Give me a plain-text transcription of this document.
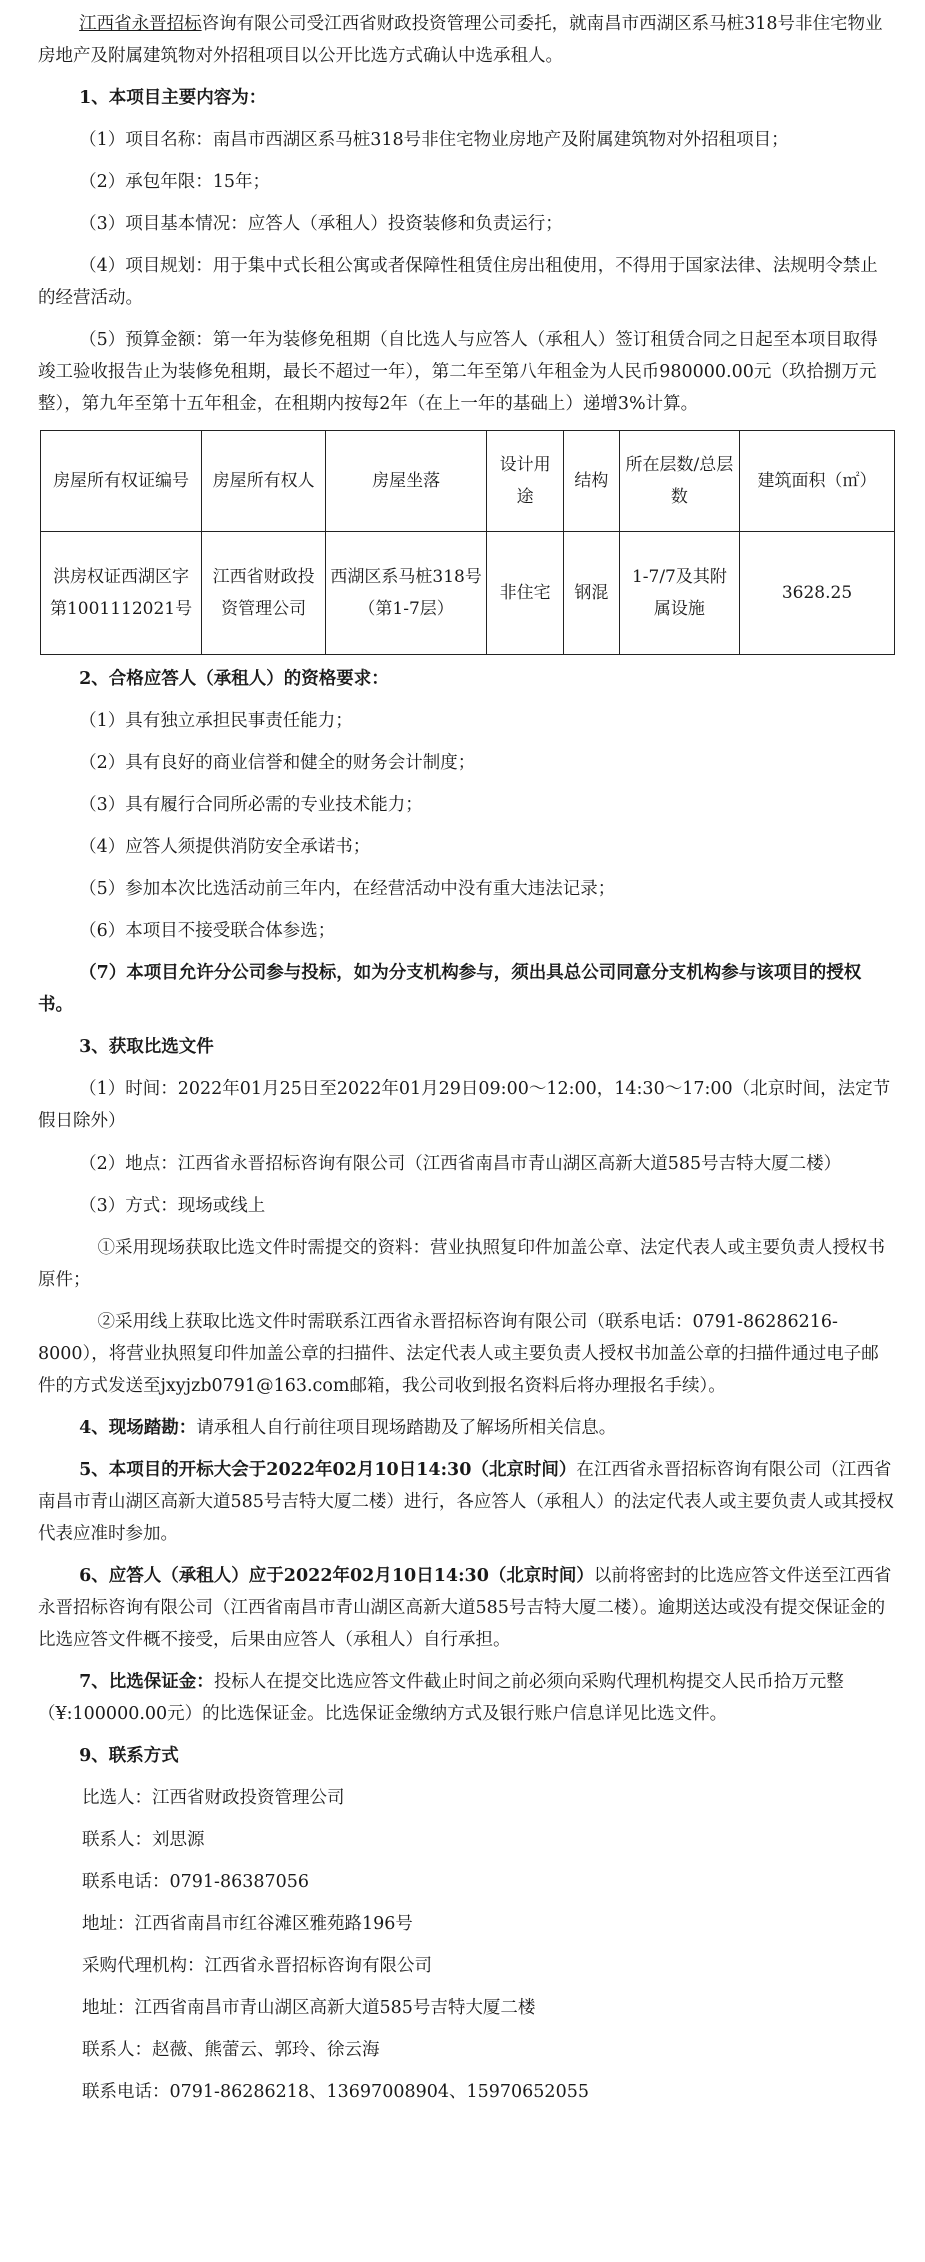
江西省永晋招标咨询有限公司受江西省财政投资管理公司委托，就南昌市西湖区系马桩318号非住宅物业房地产及附属建筑物对外招租项目以公开比选方式确认中选承租人。

1、本项目主要内容为：

（1）项目名称：南昌市西湖区系马桩318号非住宅物业房地产及附属建筑物对外招租项目；

（2）承包年限：15年；

（3）项目基本情况：应答人（承租人）投资装修和负责运行；

（4）项目规划：用于集中式长租公寓或者保障性租赁住房出租使用，不得用于国家法律、法规明令禁止的经营活动。

（5）预算金额：第一年为装修免租期（自比选人与应答人（承租人）签订租赁合同之日起至本项目取得竣工验收报告止为装修免租期，最长不超过一年），第二年至第八年租金为人民币980000.00元（玖拾捌万元整），第九年至第十五年租金，在租期内按每2年（在上一年的基础上）递增3%计算。

房屋所有权证编号	房屋所有权人	房屋坐落	设计用途	结构	所在层数/总层数	建筑面积（㎡）
洪房权证西湖区字第1001112021号	江西省财政投资管理公司	西湖区系马桩318号（第1-7层）	非住宅	钢混	1-7/7及其附属设施	3628.25

2、合格应答人（承租人）的资格要求：

（1）具有独立承担民事责任能力；

（2）具有良好的商业信誉和健全的财务会计制度；

（3）具有履行合同所必需的专业技术能力；

（4）应答人须提供消防安全承诺书；

（5）参加本次比选活动前三年内，在经营活动中没有重大违法记录；

（6）本项目不接受联合体参选；

（7）本项目允许分公司参与投标，如为分支机构参与，须出具总公司同意分支机构参与该项目的授权书。

3、获取比选文件

（1）时间：2022年01月25日至2022年01月29日09:00～12:00，14:30～17:00（北京时间，法定节假日除外）

（2）地点：江西省永晋招标咨询有限公司（江西省南昌市青山湖区高新大道585号吉特大厦二楼）

（3）方式：现场或线上

①采用现场获取比选文件时需提交的资料：营业执照复印件加盖公章、法定代表人或主要负责人授权书原件；

②采用线上获取比选文件时需联系江西省永晋招标咨询有限公司（联系电话：0791-86286216-8000），将营业执照复印件加盖公章的扫描件、法定代表人或主要负责人授权书加盖公章的扫描件通过电子邮件的方式发送至jxyjzb0791@163.com邮箱，我公司收到报名资料后将办理报名手续）。

4、现场踏勘：请承租人自行前往项目现场踏勘及了解场所相关信息。

5、本项目的开标大会于2022年02月10日14:30（北京时间）在江西省永晋招标咨询有限公司（江西省南昌市青山湖区高新大道585号吉特大厦二楼）进行，各应答人（承租人）的法定代表人或主要负责人或其授权代表应准时参加。

6、应答人（承租人）应于2022年02月10日14:30（北京时间）以前将密封的比选应答文件送至江西省永晋招标咨询有限公司（江西省南昌市青山湖区高新大道585号吉特大厦二楼）。逾期送达或没有提交保证金的比选应答文件概不接受，后果由应答人（承租人）自行承担。

7、比选保证金：投标人在提交比选应答文件截止时间之前必须向采购代理机构提交人民币拾万元整（¥:100000.00元）的比选保证金。比选保证金缴纳方式及银行账户信息详见比选文件。

9、联系方式

比选人：江西省财政投资管理公司

联系人：刘思源

联系电话：0791-86387056

地址：江西省南昌市红谷滩区雅苑路196号

采购代理机构：江西省永晋招标咨询有限公司

地址：江西省南昌市青山湖区高新大道585号吉特大厦二楼

联系人：赵薇、熊蕾云、郭玲、徐云海

联系电话：0791-86286218、13697008904、15970652055
